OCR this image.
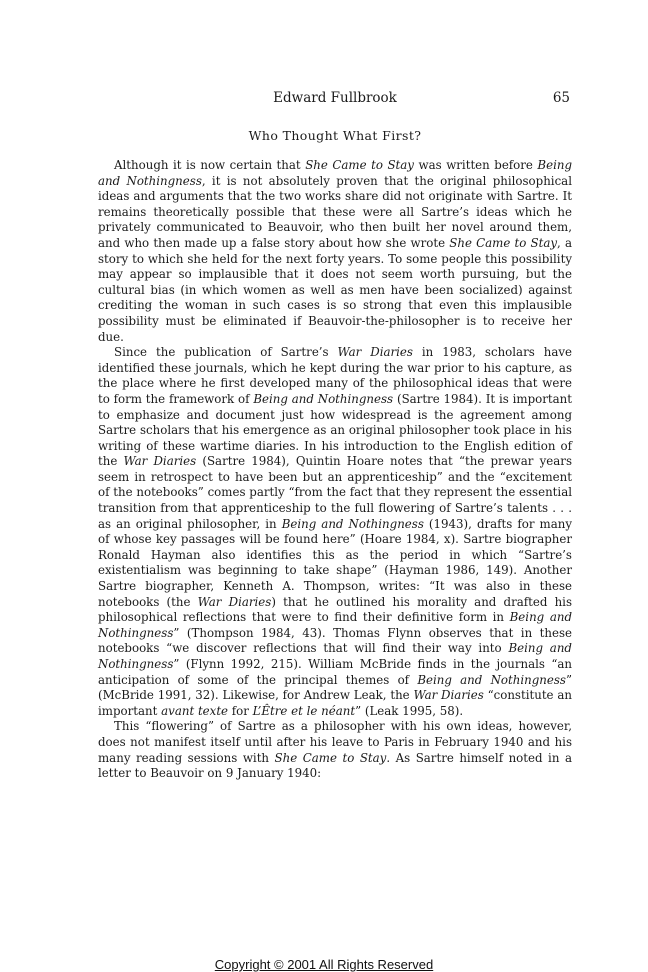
Edward Fullbrook	65
Who Thought What First?

Although it is now certain that She Came to Stay was written before Being and Nothingness, it is not absolutely proven that the original philosophical ideas and arguments that the two works share did not originate with Sartre. It remains theoretically possible that these were all Sartre’s ideas which he privately communicated to Beauvoir, who then built her novel around them, and who then made up a false story about how she wrote She Came to Stay, a story to which she held for the next forty years. To some people this possibility may appear so implausible that it does not seem worth pursuing, but the cultural bias (in which women as well as men have been socialized) against crediting the woman in such cases is so strong that even this implausible possibility must be eliminated if Beauvoir-the-philosopher is to receive her due.

Since the publication of Sartre’s War Diaries in 1983, scholars have identified these journals, which he kept during the war prior to his capture, as the place where he first developed many of the philosophical ideas that were to form the framework of Being and Nothingness (Sartre 1984). It is important to emphasize and document just how widespread is the agreement among Sartre scholars that his emergence as an original philosopher took place in his writing of these wartime diaries. In his introduction to the English edition of the War Diaries (Sartre 1984), Quintin Hoare notes that “the prewar years seem in retrospect to have been but an apprenticeship” and the “excitement of the notebooks” comes partly “from the fact that they represent the essential transition from that apprenticeship to the full flowering of Sartre’s talents . . . as an original philosopher, in Being and Nothingness (1943), drafts for many of whose key passages will be found here” (Hoare 1984, x). Sartre biographer Ronald Hayman also identifies this as the period in which “Sartre’s existentialism was beginning to take shape” (Hayman 1986, 149). Another Sartre biographer, Kenneth A. Thompson, writes: “It was also in these notebooks (the War Diaries) that he outlined his morality and drafted his philosophical reflections that were to find their definitive form in Being and Nothingness” (Thompson 1984, 43). Thomas Flynn observes that in these notebooks “we discover reflections that will find their way into Being and Nothingness” (Flynn 1992, 215). William McBride finds in the journals “an anticipation of some of the principal themes of Being and Nothingness” (McBride 1991, 32). Likewise, for Andrew Leak, the War Diaries “constitute an important avant texte for L’Être et le néant” (Leak 1995, 58).

This “flowering” of Sartre as a philosopher with his own ideas, however, does not manifest itself until after his leave to Paris in February 1940 and his many reading sessions with She Came to Stay. As Sartre himself noted in a letter to Beauvoir on 9 January 1940:

Copyright © 2001 All Rights Reserved
